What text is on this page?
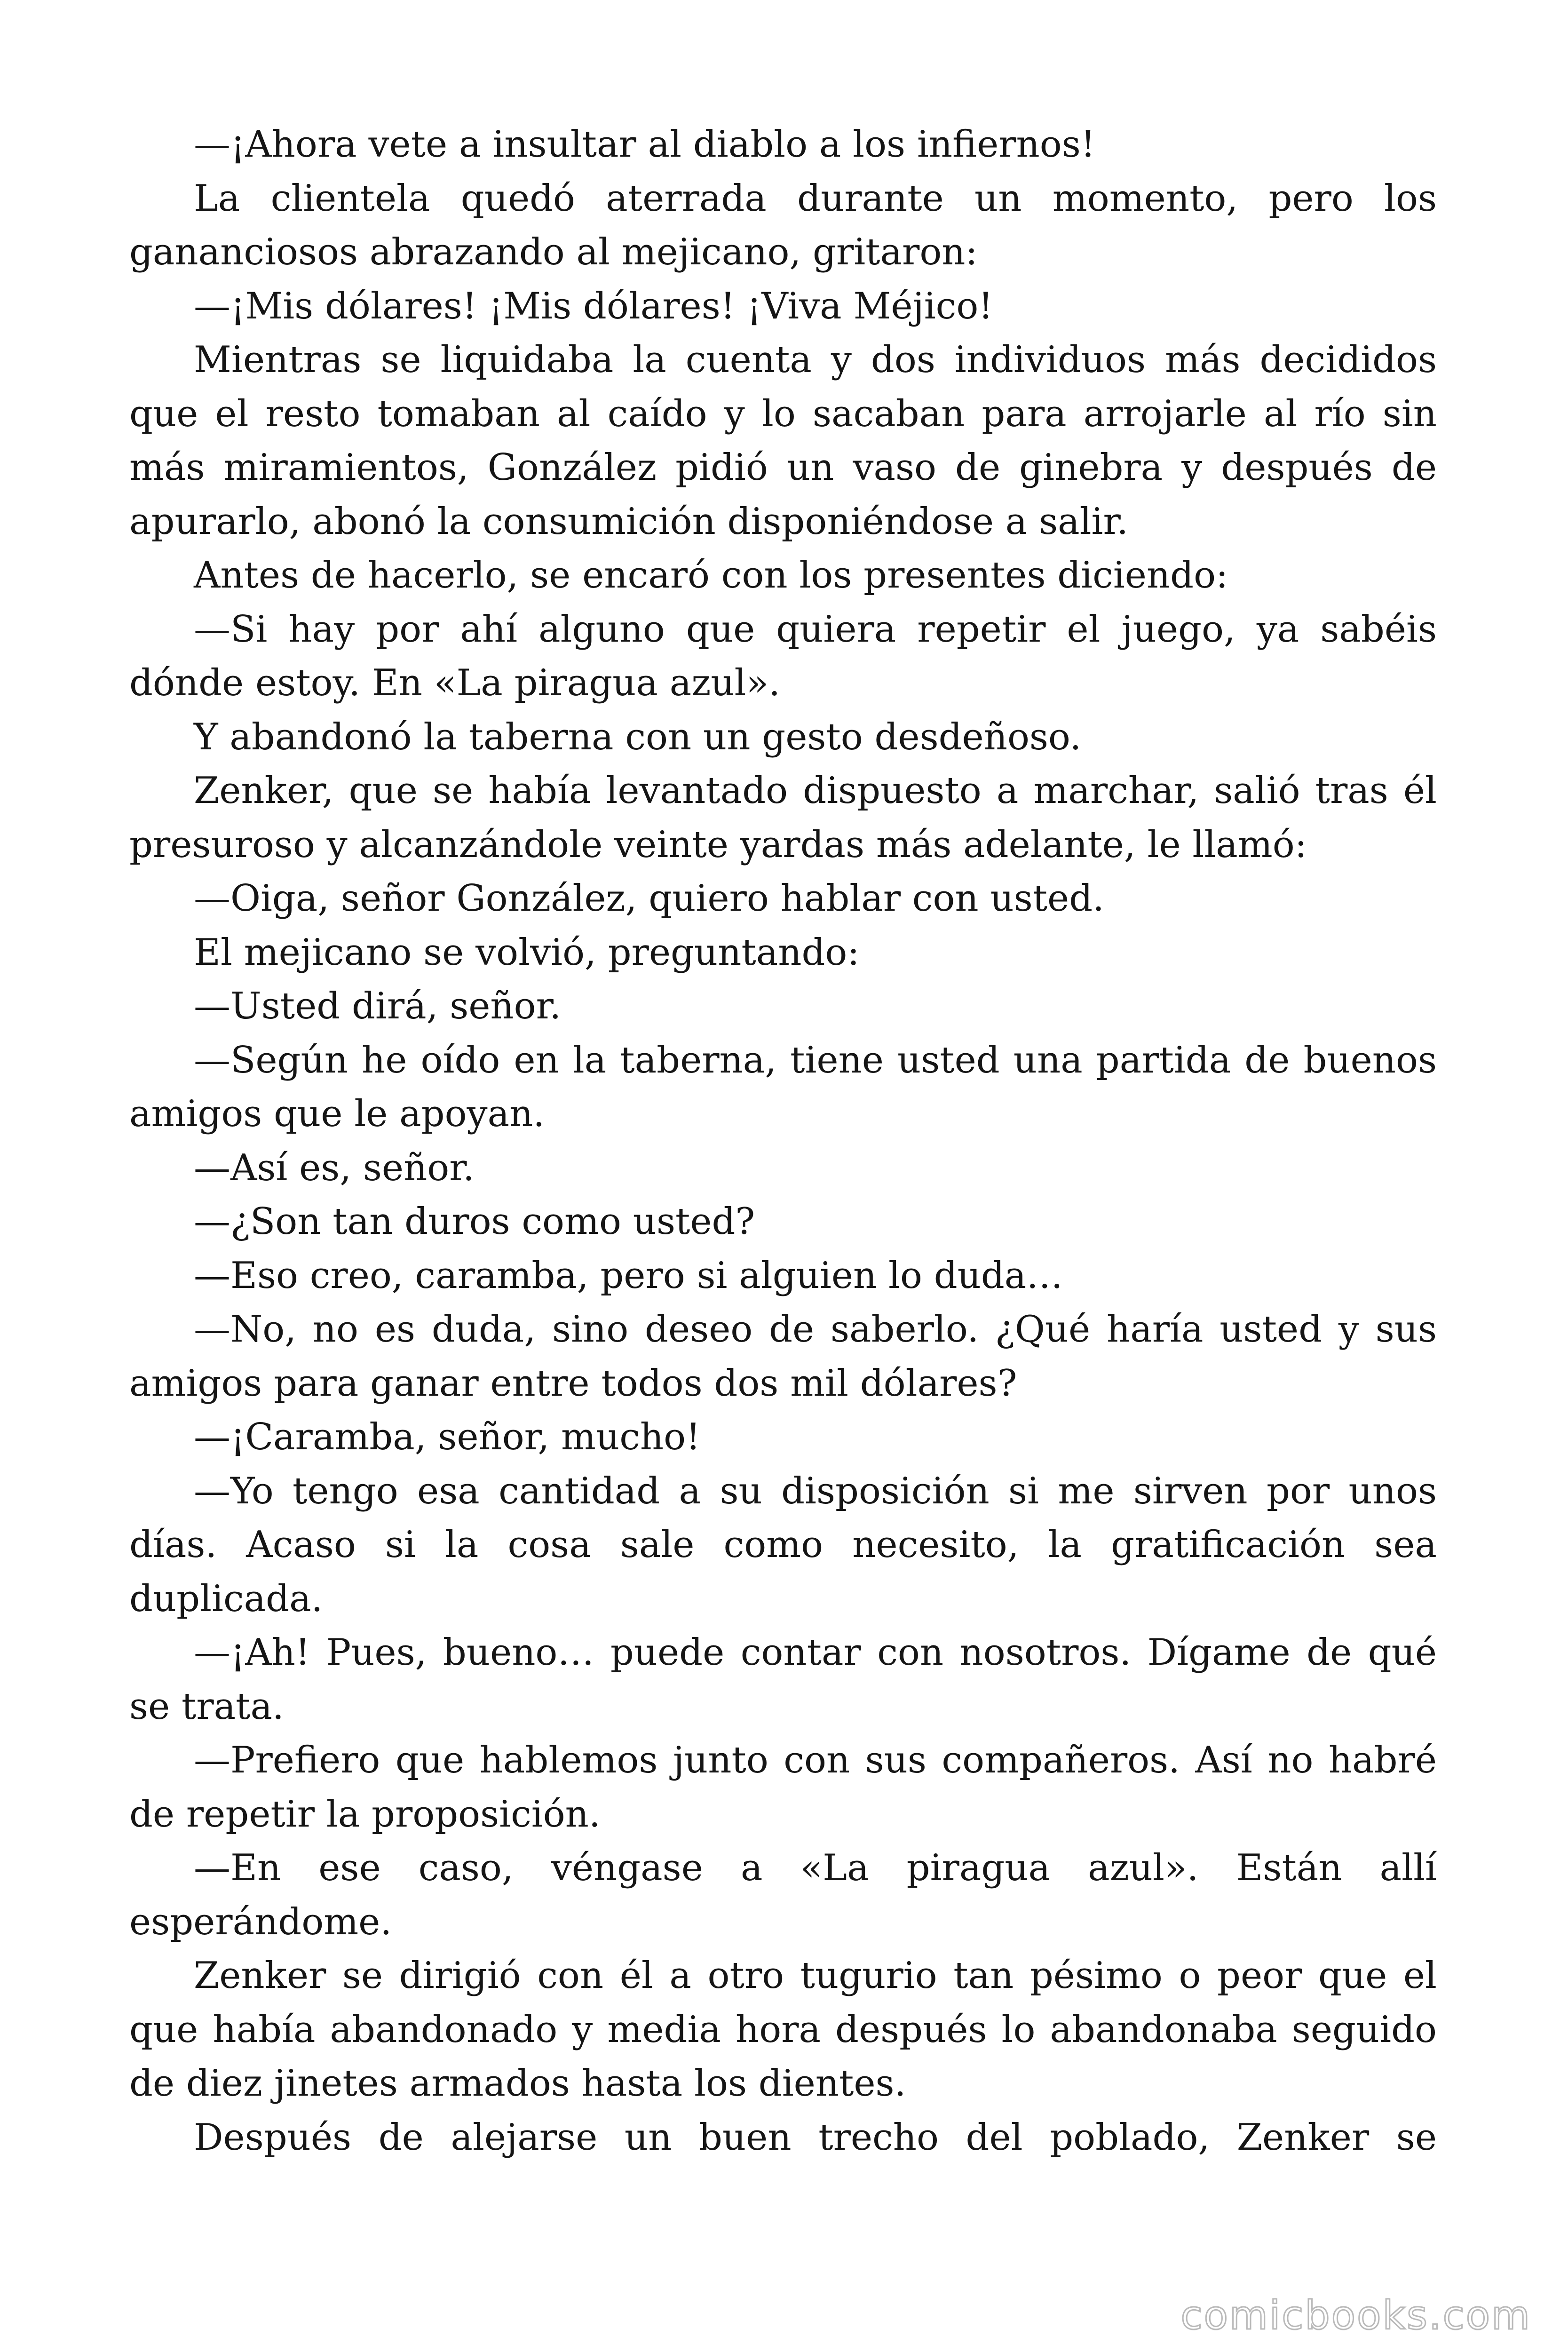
—¡Ahora vete a insultar al diablo a los infiernos!

La clientela quedó aterrada durante un momento, pero los gananciosos abrazando al mejicano, gritaron:

—¡Mis dólares! ¡Mis dólares! ¡Viva Méjico!

Mientras se liquidaba la cuenta y dos individuos más decididos que el resto tomaban al caído y lo sacaban para arrojarle al río sin más miramientos, González pidió un vaso de ginebra y después de apurarlo, abonó la consumición disponiéndose a salir.

Antes de hacerlo, se encaró con los presentes diciendo:

—Si hay por ahí alguno que quiera repetir el juego, ya sabéis dónde estoy. En «La piragua azul».

Y abandonó la taberna con un gesto desdeñoso.

Zenker, que se había levantado dispuesto a marchar, salió tras él presuroso y alcanzándole veinte yardas más adelante, le llamó:

—Oiga, señor González, quiero hablar con usted.

El mejicano se volvió, preguntando:

—Usted dirá, señor.

—Según he oído en la taberna, tiene usted una partida de buenos amigos que le apoyan.

—Así es, señor.

—¿Son tan duros como usted?

—Eso creo, caramba, pero si alguien lo duda…

—No, no es duda, sino deseo de saberlo. ¿Qué haría usted y sus amigos para ganar entre todos dos mil dólares?

—¡Caramba, señor, mucho!

—Yo tengo esa cantidad a su disposición si me sirven por unos días. Acaso si la cosa sale como necesito, la gratificación sea duplicada.

—¡Ah! Pues, bueno… puede contar con nosotros. Dígame de qué se trata.

—Prefiero que hablemos junto con sus compañeros. Así no habré de repetir la proposición.

—En ese caso, véngase a «La piragua azul». Están allí esperándome.

Zenker se dirigió con él a otro tugurio tan pésimo o peor que el que había abandonado y media hora después lo abandonaba seguido de diez jinetes armados hasta los dientes.

Después de alejarse un buen trecho del poblado, Zenker se

comicbooks.com
